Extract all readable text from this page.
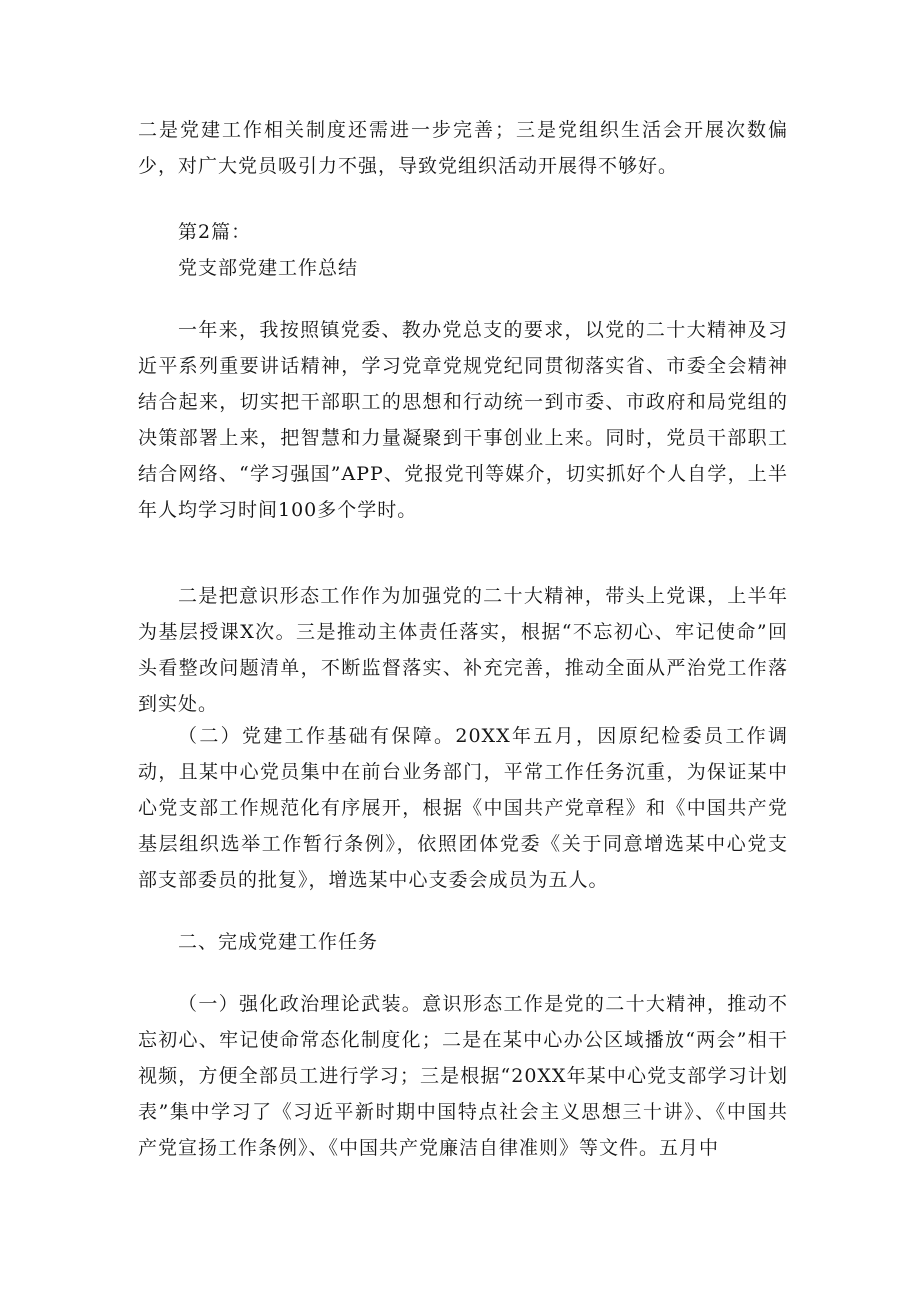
二是党建工作相关制度还需进一步完善；三是党组织生活会开展次数偏少，对广大党员吸引力不强，导致党组织活动开展得不够好。

第2篇：

党支部党建工作总结

一年来，我按照镇党委、教办党总支的要求，以党的二十大精神及习近平系列重要讲话精神，学习党章党规党纪同贯彻落实省、市委全会精神结合起来，切实把干部职工的思想和行动统一到市委、市政府和局党组的决策部署上来，把智慧和力量凝聚到干事创业上来。同时，党员干部职工结合网络、“学习强国”APP、党报党刊等媒介，切实抓好个人自学，上半年人均学习时间100多个学时。

二是把意识形态工作作为加强党的二十大精神，带头上党课，上半年为基层授课X次。三是推动主体责任落实，根据“不忘初心、牢记使命”回头看整改问题清单，不断监督落实、补充完善，推动全面从严治党工作落到实处。

（二）党建工作基础有保障。20XX年五月，因原纪检委员工作调动，且某中心党员集中在前台业务部门，平常工作任务沉重，为保证某中心党支部工作规范化有序展开，根据《中国共产党章程》和《中国共产党基层组织选举工作暂行条例》，依照团体党委《关于同意增选某中心党支部支部委员的批复》，增选某中心支委会成员为五人。

二、完成党建工作任务

（一）强化政治理论武装。意识形态工作是党的二十大精神，推动不忘初心、牢记使命常态化制度化；二是在某中心办公区域播放“两会”相干视频，方便全部员工进行学习；三是根据“20XX年某中心党支部学习计划表”集中学习了《习近平新时期中国特点社会主义思想三十讲》、《中国共产党宣扬工作条例》、《中国共产党廉洁自律准则》等文件。五月中
